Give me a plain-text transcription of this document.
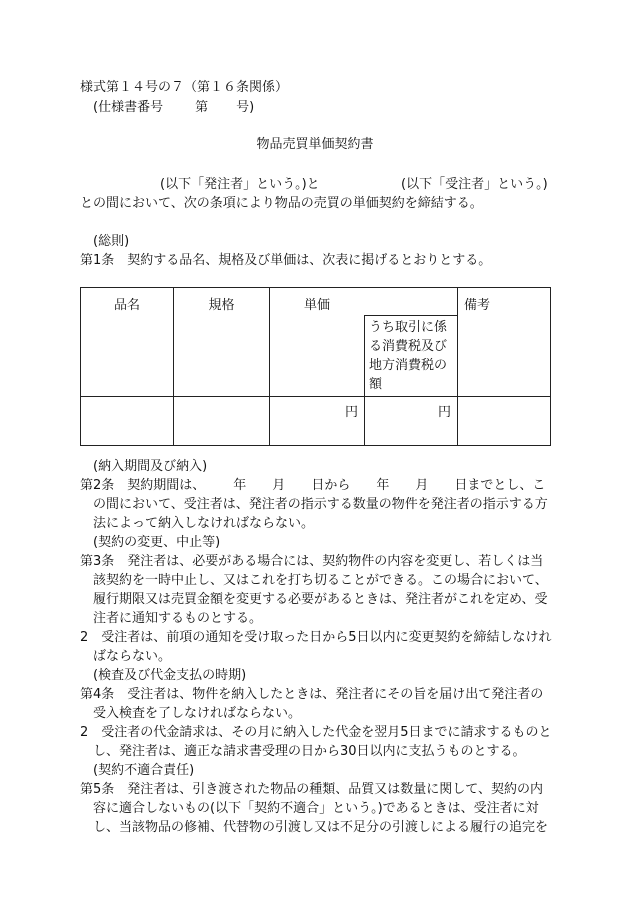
様式第１４号の７（第１６条関係）
(仕様書番号 第 号)
物品売買単価契約書
(以下「発注者」という。)と	(以下「受注者」という。)
との間において、次の条項により物品の売買の単価契約を締結する。
(総則)
第1条　契約する品名、規格及び単価は、次表に掲げるとおりとする。
品名	規格	単価		備考

			うち取引に係
る消費税及び
地方消費税の
額	

		円	円	
(納入期間及び納入)
第2条　契約期間は、 年 月 日から 年 月 日までとし、こ
の間において、受注者は、発注者の指示する数量の物件を発注者の指示する方
法によって納入しなければならない。
(契約の変更、中止等)
第3条　発注者は、必要がある場合には、契約物件の内容を変更し、若しくは当
該契約を一時中止し、又はこれを打ち切ることができる。この場合において、
履行期限又は売買金額を変更する必要があるときは、発注者がこれを定め、受
注者に通知するものとする。
2　受注者は、前項の通知を受け取った日から5日以内に変更契約を締結しなけれ
ばならない。
(検査及び代金支払の時期)
第4条　受注者は、物件を納入したときは、発注者にその旨を届け出て発注者の
受入検査を了しなければならない。
2　受注者の代金請求は、その月に納入した代金を翌月5日までに請求するものと
し、発注者は、適正な請求書受理の日から30日以内に支払うものとする。
(契約不適合責任)
第5条　発注者は、引き渡された物品の種類、品質又は数量に関して、契約の内
容に適合しないもの(以下「契約不適合」という。)であるときは、受注者に対
し、当該物品の修補、代替物の引渡し又は不足分の引渡しによる履行の追完を
